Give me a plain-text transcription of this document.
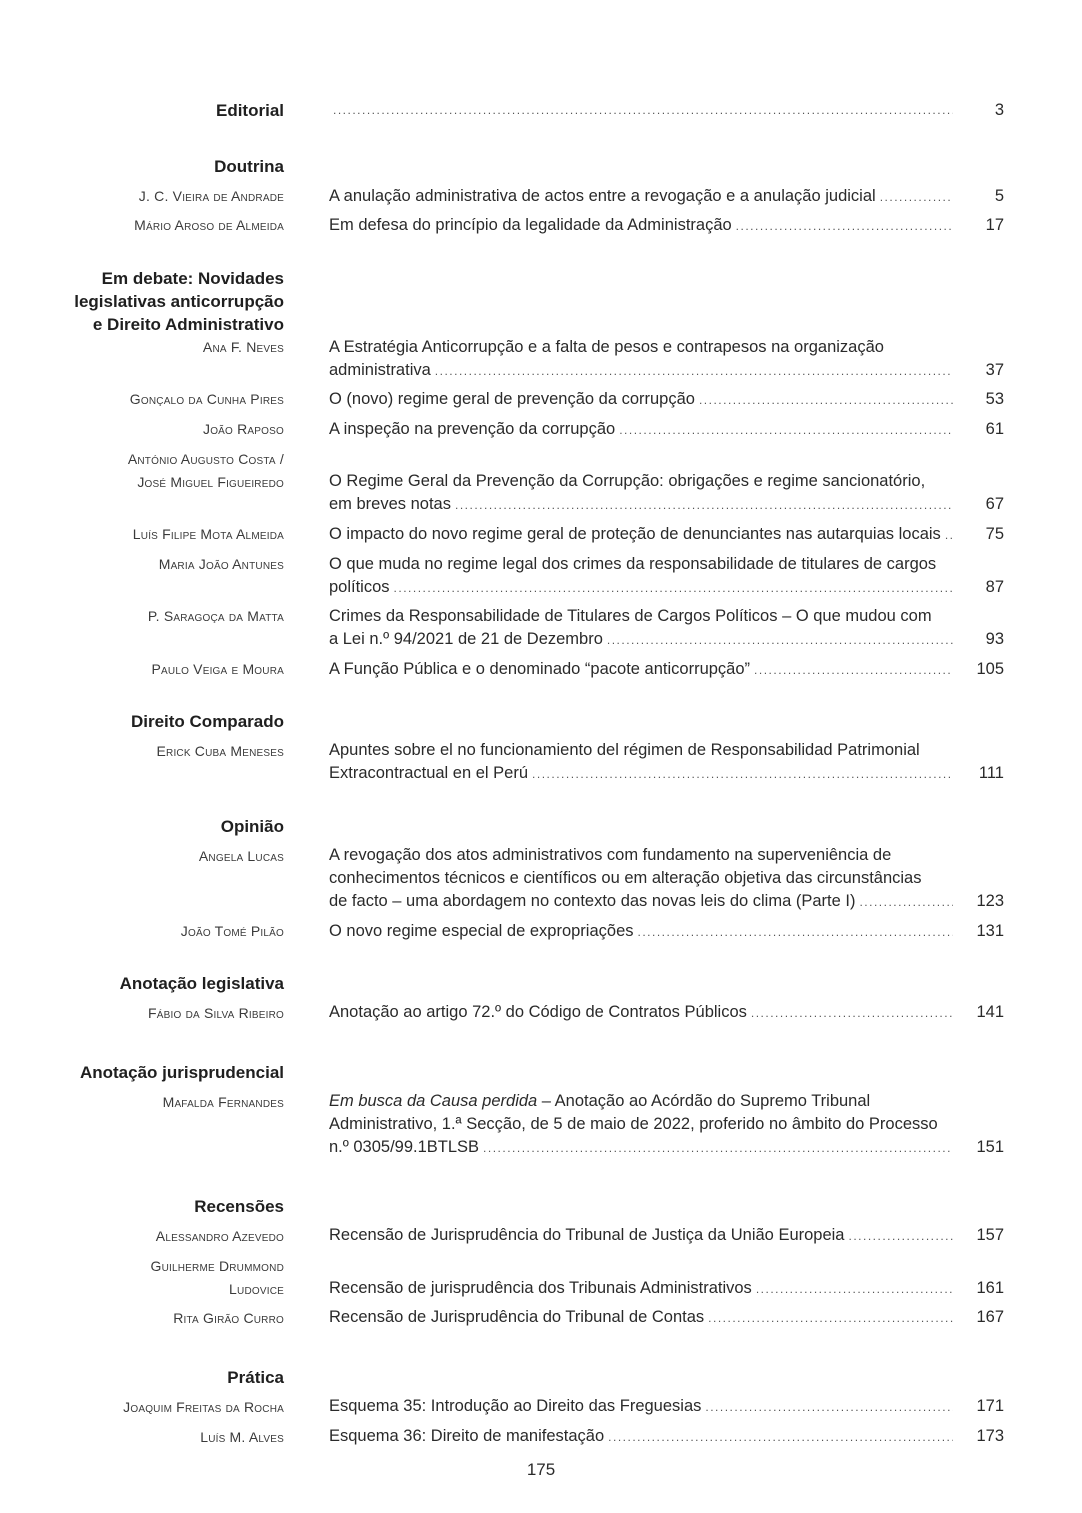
Editorial .....	3
Doutrina
J. C. Vieira de Andrade	A anulação administrativa de actos entre a revogação e a anulação judicial .....	5
Mário Aroso de Almeida	Em defesa do princípio da legalidade da Administração .....	17
Em debate: Novidades
legislativas anticorrupção
e Direito Administrativo
Ana F. Neves	A Estratégia Anticorrupção e a falta de pesos e contrapesos na organização
administrativa .....	37
Gonçalo da Cunha Pires	O (novo) regime geral de prevenção da corrupção .....	53
João Raposo	A inspeção na prevenção da corrupção .....	61
António Augusto Costa /
José Miguel Figueiredo	O Regime Geral da Prevenção da Corrupção: obrigações e regime sancionatório,
em breves notas .....	67
Luís Filipe Mota Almeida	O impacto do novo regime geral de proteção de denunciantes nas autarquias locais .....	75
Maria João Antunes	O que muda no regime legal dos crimes da responsabilidade de titulares de cargos
políticos .....	87
P. Saragoça da Matta	Crimes da Responsabilidade de Titulares de Cargos Políticos – O que mudou com
a Lei n.º 94/2021 de 21 de Dezembro .....	93
Paulo Veiga e Moura	A Função Pública e o denominado “pacote anticorrupção” .....	105
Direito Comparado
Erick Cuba Meneses	Apuntes sobre el no funcionamiento del régimen de Responsabilidad Patrimonial
Extracontractual en el Perú .....	111
Opinião
Angela Lucas	A revogação dos atos administrativos com fundamento na superveniência de
conhecimentos técnicos e científicos ou em alteração objetiva das circunstâncias
de facto – uma abordagem no contexto das novas leis do clima (Parte I) .....	123
João Tomé Pilão	O novo regime especial de expropriações .....	131
Anotação legislativa
Fábio da Silva Ribeiro	Anotação ao artigo 72.º do Código de Contratos Públicos .....	141
Anotação jurisprudencial
Mafalda Fernandes	Em busca da Causa perdida – Anotação ao Acórdão do Supremo Tribunal
Administrativo, 1.ª Secção, de 5 de maio de 2022, proferido no âmbito do Processo
n.º 0305/99.1BTLSB .....	151
Recensões
Alessandro Azevedo	Recensão de Jurisprudência do Tribunal de Justiça da União Europeia .....	157
Guilherme Drummond
Ludovice	Recensão de jurisprudência dos Tribunais Administrativos .....	161
Rita Girão Curro	Recensão de Jurisprudência do Tribunal de Contas .....	167
Prática
Joaquim Freitas da Rocha	Esquema 35: Introdução ao Direito das Freguesias .....	171
Luís M. Alves	Esquema 36: Direito de manifestação .....	173
175
